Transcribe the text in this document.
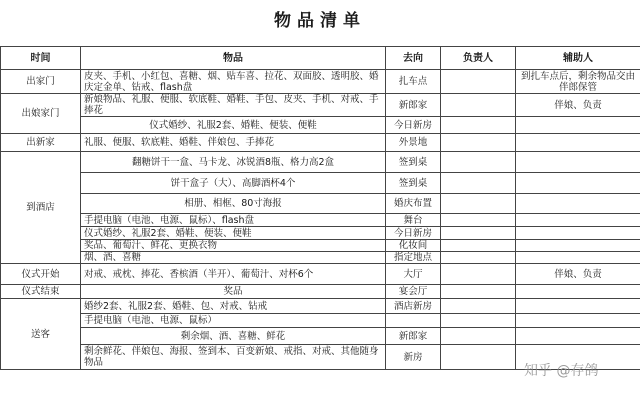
物品清单
时间	物品	去向	负责人	辅助人
出家门	皮夹、手机、小红包、喜糖、烟、贴车喜、拉花、双面胶、透明胶、婚庆定金单、钻戒、flash盘	扎车点		到扎车点后，剩余物品交由伴郎保管
出娘家门	新娘物品、礼服、便服、软底鞋、婚鞋、手包、皮夹、手机、对戒、手捧花	新郎家		伴娘、负责
	仪式婚纱、礼服2套、婚鞋、便装、便鞋	今日新房		
出新家	礼服、便服、软底鞋、婚鞋、伴娘包、手捧花	外景地		
到酒店	翻糖饼干一盒、马卡龙、冰锐酒8瓶、格力高2盒	签到桌		
	饼干盒子（大）、高脚酒杯4个	签到桌		
	相册、相框、80寸海报	婚庆布置		
	手提电脑（电池、电源、鼠标）、flash盘	舞台		
	仪式婚纱、礼服2套、婚鞋、便装、便鞋	今日新房		
	奖品、葡萄汁、鲜花、更换衣物	化妆间		
	烟、酒、喜糖	指定地点		
仪式开始	对戒、戒枕、捧花、香槟酒（半开）、葡萄汁、对杯6个	大厅		伴娘、负责
仪式结束	奖品	宴会厅		
送客	婚纱2套、礼服2套、婚鞋、包、对戒、钻戒	酒店新房		
	手提电脑（电池、电源、鼠标）			
	剩余烟、酒、喜糖、鲜花	新郎家		
	剩余鲜花、伴娘包、海报、签到本、百变新娘、戒指、对戒、其他随身物品	新房		
知乎 @存鸽
